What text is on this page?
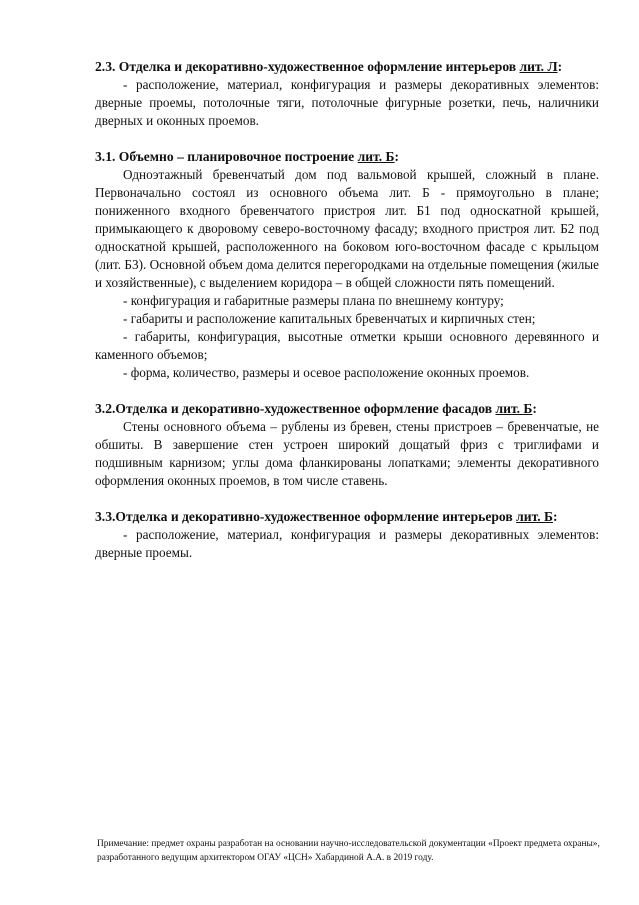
2.3. Отделка и декоративно-художественное оформление интерьеров лит. Л:

- расположение, материал, конфигурация и размеры декоративных элементов: дверные проемы, потолочные тяги, потолочные фигурные розетки, печь, наличники дверных и оконных проемов.

3.1. Объемно – планировочное построение лит. Б:

Одноэтажный бревенчатый дом под вальмовой крышей, сложный в плане. Первоначально состоял из основного объема лит. Б - прямоугольно в плане; пониженного входного бревенчатого пристроя лит. Б1 под односкатной крышей, примыкающего к дворовому северо-восточному фасаду; входного пристроя лит. Б2 под односкатной крышей, расположенного на боковом юго-восточном фасаде с крыльцом (лит. Б3). Основной объем дома делится перегородками на отдельные помещения (жилые и хозяйственные), с выделением коридора – в общей сложности пять помещений.

- конфигурация и габаритные размеры плана по внешнему контуру;

- габариты и расположение капитальных бревенчатых и кирпичных стен;

- габариты, конфигурация, высотные отметки крыши основного деревянного и каменного объемов;

- форма, количество, размеры и осевое расположение оконных проемов.

3.2.Отделка и декоративно-художественное оформление фасадов лит. Б:

Стены основного объема – рублены из бревен, стены пристроев – бревенчатые, не обшиты. В завершение стен устроен широкий дощатый фриз с триглифами и подшивным карнизом; углы дома фланкированы лопатками; элементы декоративного оформления оконных проемов, в том числе ставень.

3.3.Отделка и декоративно-художественное оформление интерьеров лит. Б:

- расположение, материал, конфигурация и размеры декоративных элементов: дверные проемы.

Примечание: предмет охраны разработан на основании научно-исследовательской документации «Проект предмета охраны», разработанного ведущим архитектором ОГАУ «ЦСН» Хабардиной А.А. в 2019 году.
